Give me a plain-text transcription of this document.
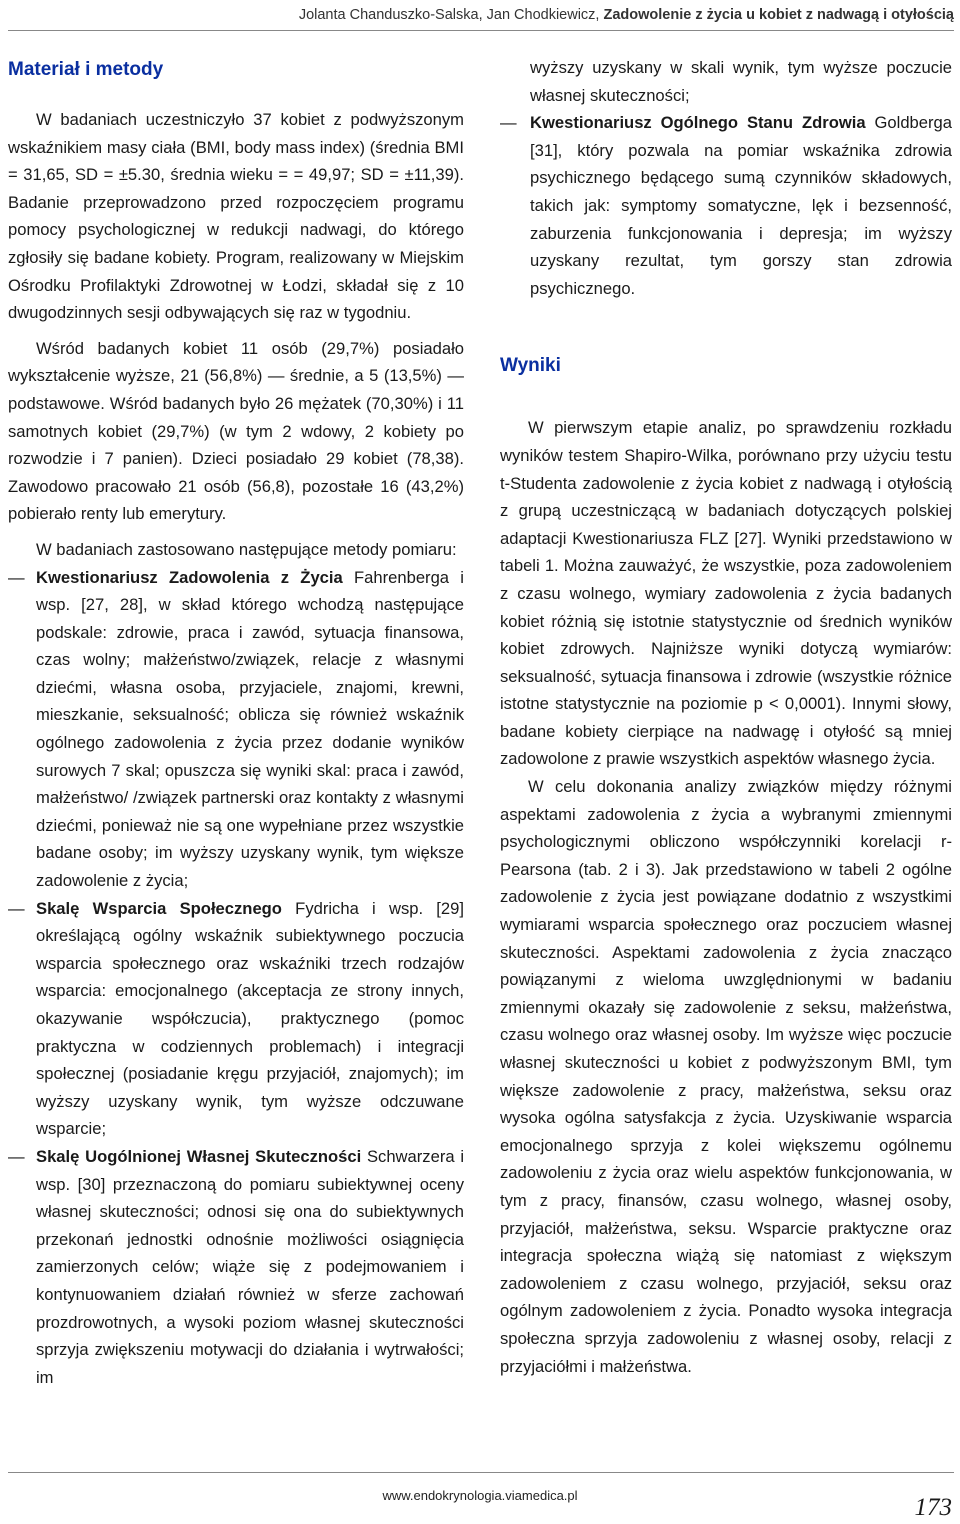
Jolanta Chanduszko-Salska, Jan Chodkiewicz, Zadowolenie z życia u kobiet z nadwagą i otyłością
Materiał i metody

W badaniach uczestniczyło 37 kobiet z podwyższonym wskaźnikiem masy ciała (BMI, body mass index) (średnia BMI = 31,65, SD = ±5.30, średnia wieku = = 49,97; SD = ±11,39). Badanie przeprowadzono przed rozpoczęciem programu pomocy psychologicznej w redukcji nadwagi, do którego zgłosiły się badane kobiety. Program, realizowany w Miejskim Ośrodku Profilaktyki Zdrowotnej w Łodzi, składał się z 10 dwugodzinnych sesji odbywających się raz w tygodniu.

Wśród badanych kobiet 11 osób (29,7%) posiadało wykształcenie wyższe, 21 (56,8%) — średnie, a 5 (13,5%) — podstawowe. Wśród badanych było 26 mężatek (70,30%) i 11 samotnych kobiet (29,7%) (w tym 2 wdowy, 2 kobiety po rozwodzie i 7 panien). Dzieci posiadało 29 kobiet (78,38). Zawodowo pracowało 21 osób (56,8), pozostałe 16 (43,2%) pobierało renty lub emerytury.

W badaniach zastosowano następujące metody pomiaru:

— Kwestionariusz Zadowolenia z Życia Fahrenberga i wsp. [27, 28], w skład którego wchodzą następujące podskale: zdrowie, praca i zawód, sytuacja finansowa, czas wolny; małżeństwo/związek, relacje z własnymi dziećmi, własna osoba, przyjaciele, znajomi, krewni, mieszkanie, seksualność; oblicza się również wskaźnik ogólnego zadowolenia z życia przez dodanie wyników surowych 7 skal; opuszcza się wyniki skal: praca i zawód, małżeństwo/ /związek partnerski oraz kontakty z własnymi dziećmi, ponieważ nie są one wypełniane przez wszystkie badane osoby; im wyższy uzyskany wynik, tym większe zadowolenie z życia;
— Skalę Wsparcia Społecznego Fydricha i wsp. [29] określającą ogólny wskaźnik subiektywnego poczucia wsparcia społecznego oraz wskaźniki trzech rodzajów wsparcia: emocjonalnego (akceptacja ze strony innych, okazywanie współczucia), praktycznego (pomoc praktyczna w codziennych problemach) i integracji społecznej (posiadanie kręgu przyjaciół, znajomych); im wyższy uzyskany wynik, tym wyższe odczuwane wsparcie;
— Skalę Uogólnionej Własnej Skuteczności Schwarzera i wsp. [30] przeznaczoną do pomiaru subiektywnej oceny własnej skuteczności; odnosi się ona do subiektywnych przekonań jednostki odnośnie możliwości osiągnięcia zamierzonych celów; wiąże się z podejmowaniem i kontynuowaniem działań również w sferze zachowań prozdrowotnych, a wysoki poziom własnej skuteczności sprzyja zwiększeniu motywacji do działania i wytrwałości; im

wyższy uzyskany w skali wynik, tym wyższe poczucie własnej skuteczności;

— Kwestionariusz Ogólnego Stanu Zdrowia Goldberga [31], który pozwala na pomiar wskaźnika zdrowia psychicznego będącego sumą czynników składowych, takich jak: symptomy somatyczne, lęk i bezsenność, zaburzenia funkcjonowania i depresja; im wyższy uzyskany rezultat, tym gorszy stan zdrowia psychicznego.
Wyniki

W pierwszym etapie analiz, po sprawdzeniu rozkładu wyników testem Shapiro-Wilka, porównano przy użyciu testu t-Studenta zadowolenie z życia kobiet z nadwagą i otyłością z grupą uczestniczącą w badaniach dotyczących polskiej adaptacji Kwestionariusza FLZ [27]. Wyniki przedstawiono w tabeli 1. Można zauważyć, że wszystkie, poza zadowoleniem z czasu wolnego, wymiary zadowolenia z życia badanych kobiet różnią się istotnie statystycznie od średnich wyników kobiet zdrowych. Najniższe wyniki dotyczą wymiarów: seksualność, sytuacja finansowa i zdrowie (wszystkie różnice istotne statystycznie na poziomie p < 0,0001). Innymi słowy, badane kobiety cierpiące na nadwagę i otyłość są mniej zadowolone z prawie wszystkich aspektów własnego życia.

W celu dokonania analizy związków między różnymi aspektami zadowolenia z życia a wybranymi zmiennymi psychologicznymi obliczono współczynniki korelacji r-Pearsona (tab. 2 i 3). Jak przedstawiono w tabeli 2 ogólne zadowolenie z życia jest powiązane dodatnio z wszystkimi wymiarami wsparcia społecznego oraz poczuciem własnej skuteczności. Aspektami zadowolenia z życia znacząco powiązanymi z wieloma uwzględnionymi w badaniu zmiennymi okazały się zadowolenie z seksu, małżeństwa, czasu wolnego oraz własnej osoby. Im wyższe więc poczucie własnej skuteczności u kobiet z podwyższonym BMI, tym większe zadowolenie z pracy, małżeństwa, seksu oraz wysoka ogólna satysfakcja z życia. Uzyskiwanie wsparcia emocjonalnego sprzyja z kolei większemu ogólnemu zadowoleniu z życia oraz wielu aspektów funkcjonowania, w tym z pracy, finansów, czasu wolnego, własnej osoby, przyjaciół, małżeństwa, seksu. Wsparcie praktyczne oraz integracja społeczna wiążą się natomiast z większym zadowoleniem z czasu wolnego, przyjaciół, seksu oraz ogólnym zadowoleniem z życia. Ponadto wysoka integracja społeczna sprzyja zadowoleniu z własnej osoby, relacji z przyjaciółmi i małżeństwa.

www.endokrynologia.viamedica.pl	173
